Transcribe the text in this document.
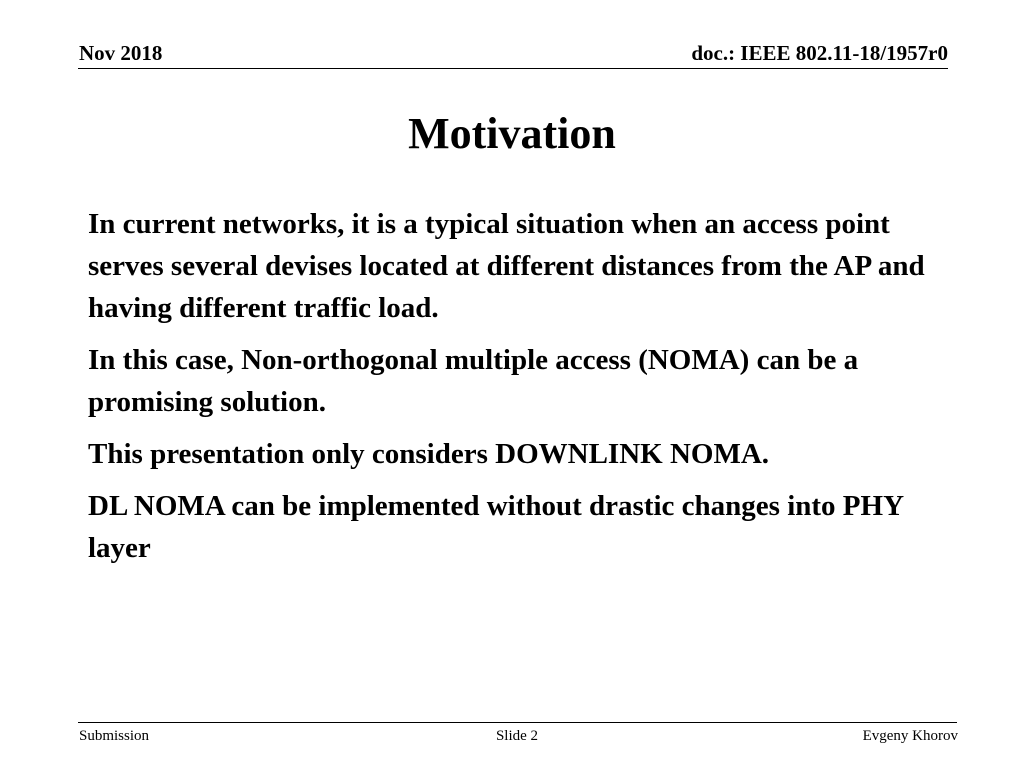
Nov 2018	doc.: IEEE 802.11-18/1957r0
Motivation

In current networks, it is a typical situation when an access point serves several devises located at different distances from the AP and having different traffic load.

In this case, Non-orthogonal multiple access (NOMA) can be a promising solution.

This presentation only considers DOWNLINK NOMA.

DL NOMA can be implemented without drastic changes into PHY layer

Submission	Slide 2	Evgeny Khorov
